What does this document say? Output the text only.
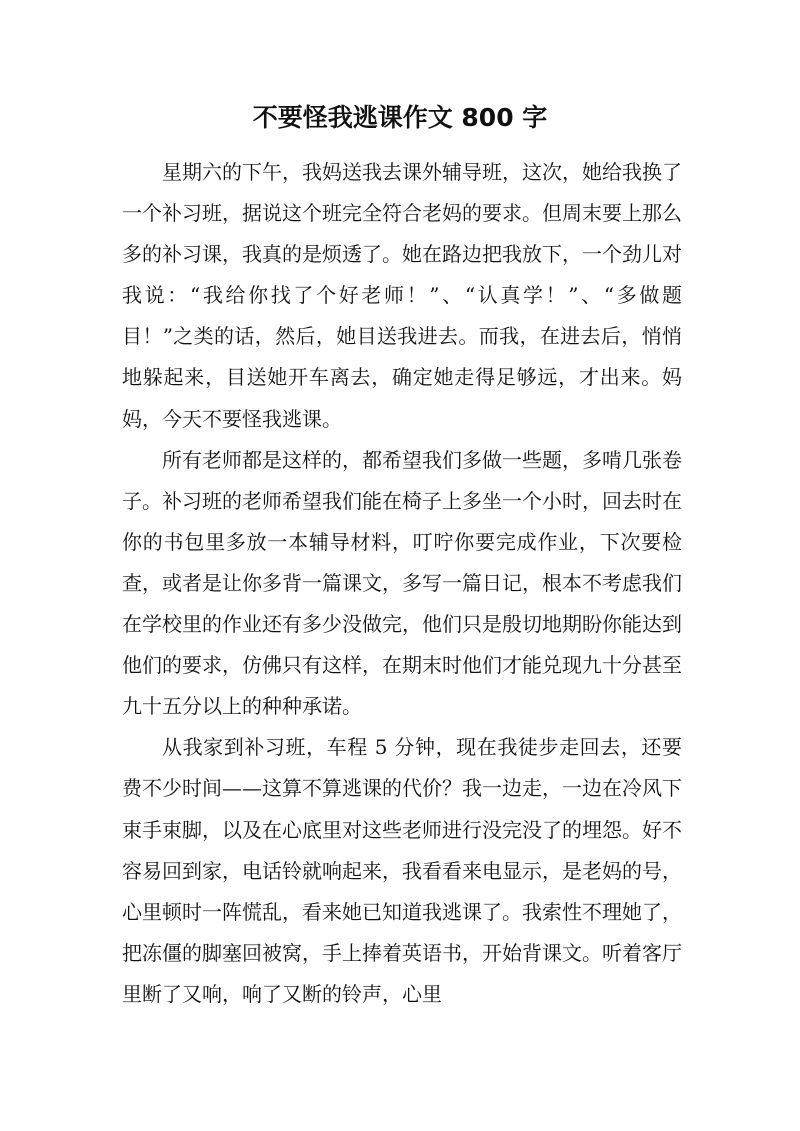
不要怪我逃课作文 800 字

星期六的下午，我妈送我去课外辅导班，这次，她给我换了一个补习班，据说这个班完全符合老妈的要求。但周末要上那么多的补习课，我真的是烦透了。她在路边把我放下，一个劲儿对我说：“我给你找了个好老师！”、“认真学！”、“多做题目！”之类的话，然后，她目送我进去。而我，在进去后，悄悄地躲起来，目送她开车离去，确定她走得足够远，才出来。妈妈，今天不要怪我逃课。

所有老师都是这样的，都希望我们多做一些题，多啃几张卷子。补习班的老师希望我们能在椅子上多坐一个小时，回去时在你的书包里多放一本辅导材料，叮咛你要完成作业，下次要检查，或者是让你多背一篇课文，多写一篇日记，根本不考虑我们在学校里的作业还有多少没做完，他们只是殷切地期盼你能达到他们的要求，仿佛只有这样，在期末时他们才能兑现九十分甚至九十五分以上的种种承诺。

从我家到补习班，车程 5 分钟，现在我徒步走回去，还要费不少时间——这算不算逃课的代价？我一边走，一边在冷风下束手束脚，以及在心底里对这些老师进行没完没了的埋怨。好不容易回到家，电话铃就响起来，我看看来电显示，是老妈的号，心里顿时一阵慌乱，看来她已知道我逃课了。我索性不理她了，把冻僵的脚塞回被窝，手上捧着英语书，开始背课文。听着客厅里断了又响，响了又断的铃声，心里
